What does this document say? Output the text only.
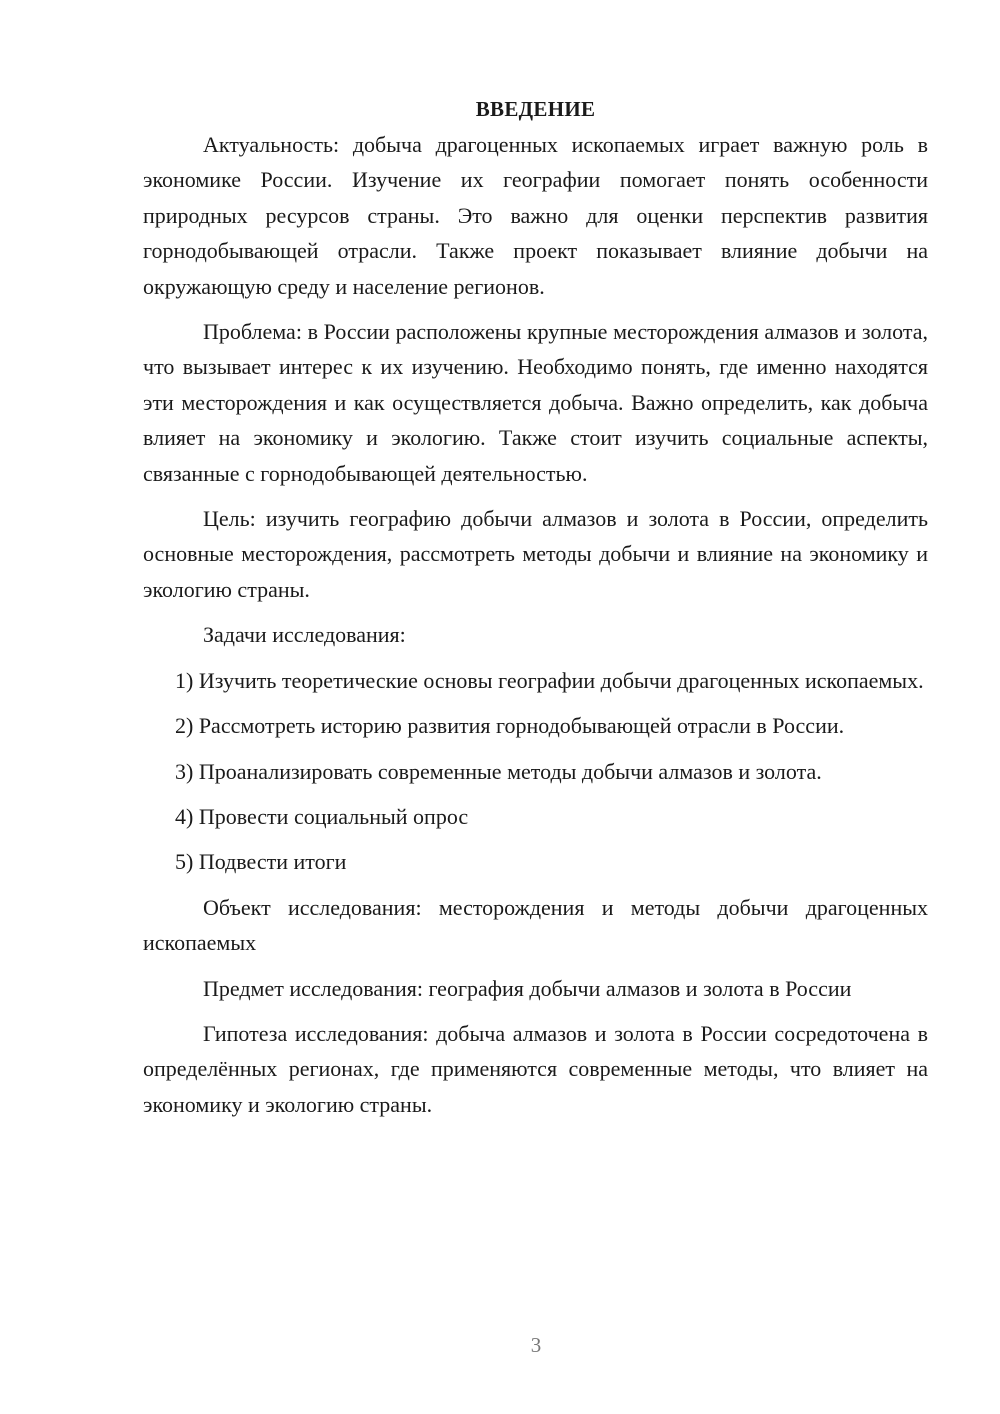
ВВЕДЕНИЕ

Актуальность: добыча драгоценных ископаемых играет важную роль в экономике России. Изучение их географии помогает понять особенности природных ресурсов страны. Это важно для оценки перспектив развития горнодобывающей отрасли. Также проект показывает влияние добычи на окружающую среду и население регионов.

Проблема: в России расположены крупные месторождения алмазов и золота, что вызывает интерес к их изучению. Необходимо понять, где именно находятся эти месторождения и как осуществляется добыча. Важно определить, как добыча влияет на экономику и экологию. Также стоит изучить социальные аспекты, связанные с горнодобывающей деятельностью.

Цель: изучить географию добычи алмазов и золота в России, определить основные месторождения, рассмотреть методы добычи и влияние на экономику и экологию страны.

Задачи исследования:

1) Изучить теоретические основы географии добычи драгоценных ископаемых.

2) Рассмотреть историю развития горнодобывающей отрасли в России.

3) Проанализировать современные методы добычи алмазов и золота.

4) Провести социальный опрос

5) Подвести итоги

Объект исследования: месторождения и методы добычи драгоценных ископаемых

Предмет исследования: география добычи алмазов и золота в России

Гипотеза исследования: добыча алмазов и золота в России сосредоточена в определённых регионах, где применяются современные методы, что влияет на экономику и экологию страны.

3
